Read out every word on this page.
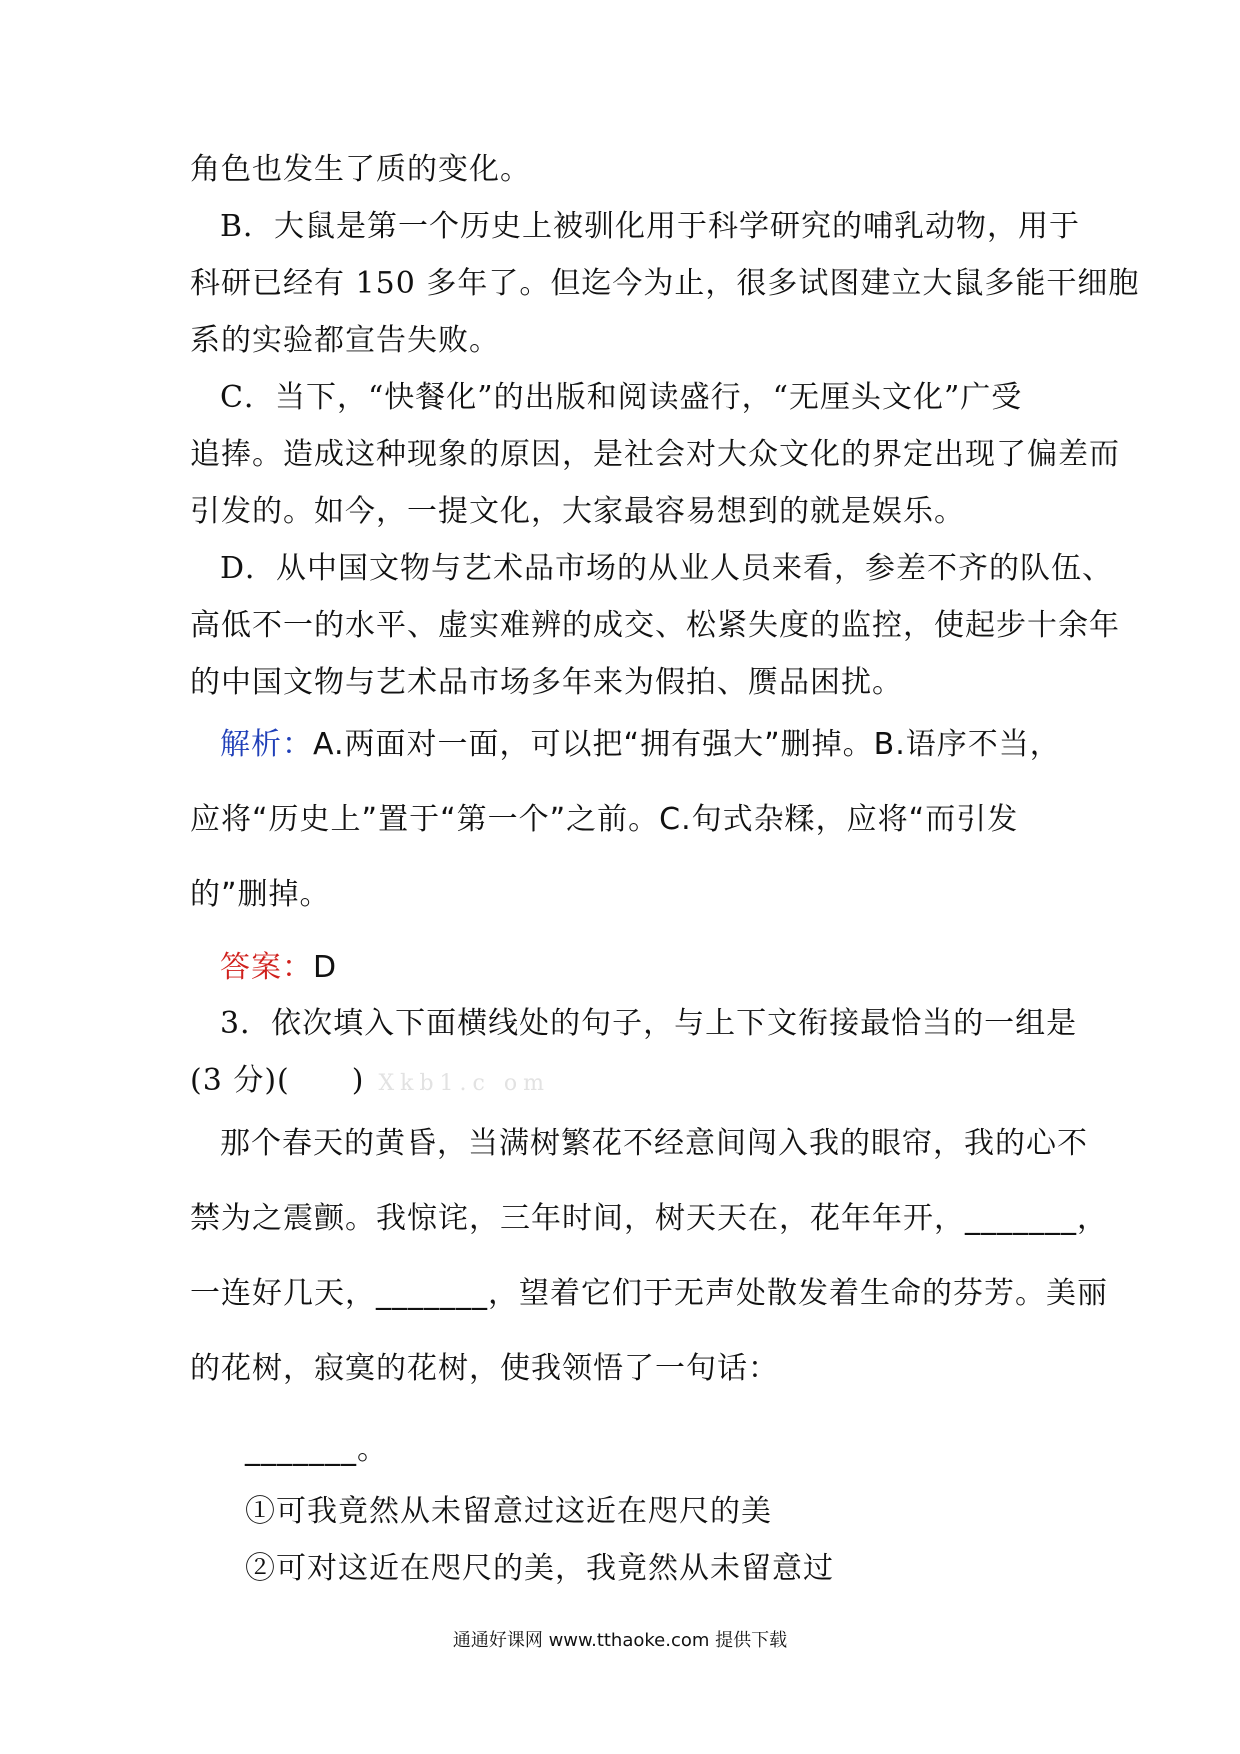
角色也发生了质的变化。
B．大鼠是第一个历史上被驯化用于科学研究的哺乳动物，用于
科研已经有 150 多年了。但迄今为止，很多试图建立大鼠多能干细胞
系的实验都宣告失败。
C．当下，“快餐化”的出版和阅读盛行，“无厘头文化”广受
追捧。造成这种现象的原因，是社会对大众文化的界定出现了偏差而
引发的。如今，一提文化，大家最容易想到的就是娱乐。
D．从中国文物与艺术品市场的从业人员来看，参差不齐的队伍、
高低不一的水平、虚实难辨的成交、松紧失度的监控，使起步十余年
的中国文物与艺术品市场多年来为假拍、赝品困扰。
解析：A.两面对一面，可以把“拥有强大”删掉。B.语序不当，
应将“历史上”置于“第一个”之前。C.句式杂糅，应将“而引发
的”删掉。
答案：D
3．依次填入下面横线处的句子，与上下文衔接最恰当的一组是
(3 分)(　　) Xkb1.c om
那个春天的黄昏，当满树繁花不经意间闯入我的眼帘，我的心不
禁为之震颤。我惊诧，三年时间，树天天在，花年年开，_______，
一连好几天，_______，望着它们于无声处散发着生命的芬芳。美丽
的花树，寂寞的花树，使我领悟了一句话：
_______。
①可我竟然从未留意过这近在咫尺的美
②可对这近在咫尺的美，我竟然从未留意过
通通好课网 www.tthaoke.com 提供下载
